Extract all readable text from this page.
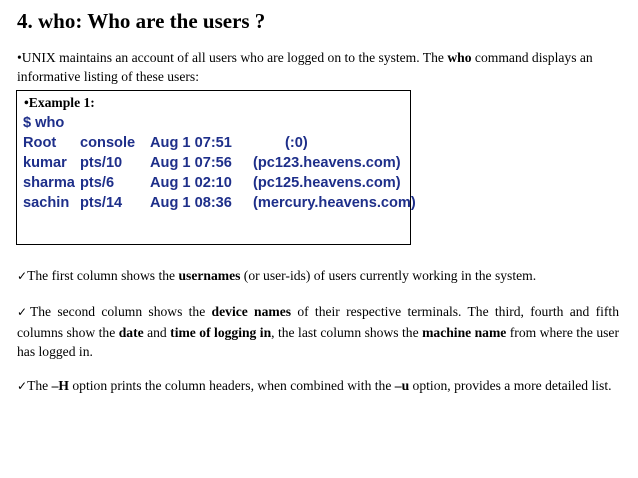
4. who: Who are the users ?

•UNIX maintains an account of all users who are logged on to the system. The who command displays an informative listing of these users:

•Example 1:

$ who
Root console Aug 1 07:51	(:0)
kumar pts/10 Aug 1 07:56 (pc123.heavens.com)
sharma pts/6 Aug 1 02:10 (pc125.heavens.com)
sachin pts/14 Aug 1 08:36 (mercury.heavens.com)

✓The first column shows the usernames (or user-ids) of users currently working in the system.

✓The second column shows the device names of their respective terminals. The third, fourth and fifth columns show the date and time of logging in, the last column shows the machine name from where the user has logged in.

✓The –H option prints the column headers, when combined with the –u option, provides a more detailed list.
